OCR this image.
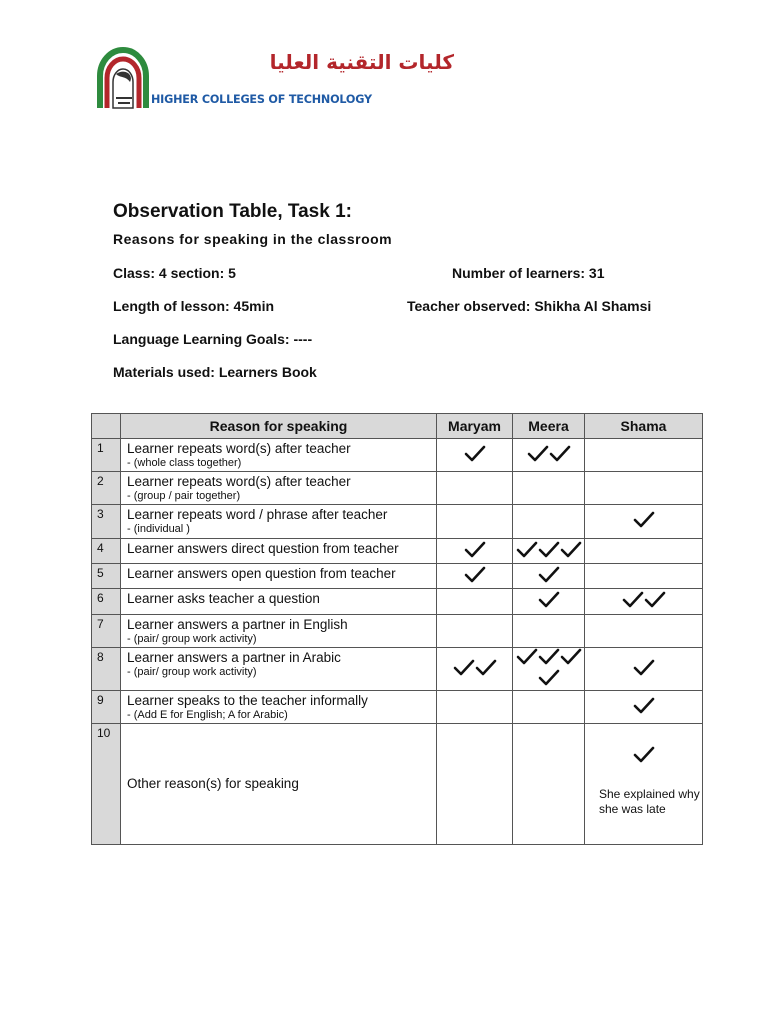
كليات التقنية العليا
HIGHER COLLEGES OF TECHNOLOGY
Observation Table, Task 1:
Reasons for speaking in the classroom
Class: 4 section: 5	Number of learners: 31
Length of lesson: 45min	Teacher observed: Shikha Al Shamsi
Language Learning Goals: ----
Materials used: Learners Book
	Reason for speaking	Maryam	Meera	Shama
1	Learner repeats word(s) after teacher
- (whole class together)

2	Learner repeats word(s) after teacher
- (group / pair together)			

3	Learner repeats word / phrase after teacher
- (individual )

4	Learner answers direct question from teacher

5	Learner answers open question from teacher

6	Learner asks teacher a question

7	Learner answers a partner in English
- (pair/ group work activity)			

8	Learner answers a partner in Arabic
- (pair/ group work activity)

9	Learner speaks to the teacher informally
- (Add E for English; A for Arabic)

10	Other reason(s) for speaking			She explained why she was late
